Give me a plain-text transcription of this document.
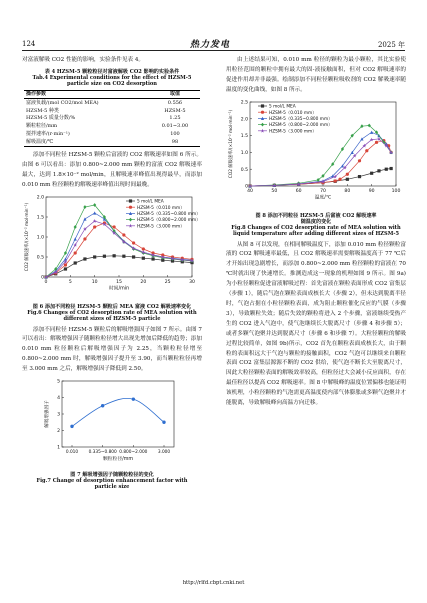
124	热力发电	2025 年

对富液解吸 CO2 性能的影响，实验条件见表 4。

表 4 HZSM-5 颗粒粒径对富液解吸 CO2 影响的实验条件
Tab.4 Experimental conditions for the effect of HZSM-5
particle size on CO2 desorption
操作参数	取值
富液负载/(mol CO2/mol MEA)	0.556
HZSM-5 种类	HZSM-5
HZSM-5 质量分数/%	1.25
颗粒粒径/mm	0.01~3.00
搅拌速率/(r·min⁻¹)	100
解吸温度/℃	98

添加不同粒径 HZSM-5 颗粒后富液的 CO2 解吸速率如图 6 所示。由图 6 可以看出：添加 0.800~2.000 mm 颗粒的富液 CO2 解吸速率最大，达到 1.8×10⁻² mol/min，且解吸速率峰值出现得最早，而添加 0.010 mm 粒径颗粒的解吸速率峰值出现时间最晚。

0	5	10	15	20	25	30
0
0.5
1.0
1.5
2.0
时间/min
CO2 解吸速率/(×10⁻² mol·min⁻¹)
5 mol/L MEA
HZSM-5（0.010 mm）
HZSM-5（0.335~0.800 mm）
HZSM-5（0.800~2.000 mm）
HZSM-5（3.000 mm）
图 6 添加不同粒径 HZSM-5 颗粒后 MEA 富液 CO2 解吸速率变化
Fig.6 Changes of CO2 desorption rate of MEA solution with
different sizes of HZSM-5 particle

添加不同粒径 HZSM-5 颗粒后的解吸增强因子如图 7 所示。由图 7 可以看出：解吸增强因子随颗粒粒径增大出现先增加后降低的趋势；添加 0.010 mm 粒径颗粒后解吸增强因子为 2.25，当颗粒粒径增至 0.800~2.000 mm 时，解吸增强因子提升至 3.90，而当颗粒粒径再增至 3.000 mm 之后，解吸增强因子降低到 2.50。

1
2
3
4
5
0.010 0.335~0.800 0.800~2.000 3.000
颗粒粒径/mm
解吸增强因子
图 7 解吸增强因子随颗粒粒径的变化
Fig.7 Change of desorption enhancement factor with
particle size

由上述结果可知，0.010 mm 粒径的颗粒为最小颗粒，其比实验使用粒径范围的颗粒中拥有最大的固-液接触面积，但对 CO2 解吸速率的促进作用却并非最强。绘制添加不同粒径颗粒吸收剂的 CO2 解吸速率随温度的变化曲线，如图 8 所示。

40	50	60	70	80	90	100
0
0.5
1.0
1.5
2.0
2.5
温度/℃
CO2 解吸速率/(×10⁻² mol·min⁻¹)
5 mol/L MEA
HZSM-5（0.010 mm）
HZSM-5（0.335~0.800 mm）
HZSM-5（0.800~2.000 mm）
HZSM-5（3.000 mm）
图 8 添加不同粒径 HZSM-5 后富液 CO2 解吸速率
随温度的变化
Fig.8 Changes of CO2 desorption rate of MEA solution with
liquid temperature after adding different sizes of HZSM-5

从图 8 可以发现，在相同解吸温度下，添加 0.010 mm 粒径颗粒富液的 CO2 解吸速率最低，且 CO2 解吸速率需要解吸温度高于 77 ℃后才开始出现急剧增长，而添加 0.800~2.000 mm 粒径颗粒的富液在 70 ℃时就出现了快速增长。推测造成这一现象的机理如图 9 所示。图 9a)为小粒径颗粒促进富液解吸过程：首先富液在颗粒表面形成 CO2 富集层（步骤 1），随后气泡在颗粒表面成核长大（步骤 2），但未达到脱离半径时，气泡占据在小粒径颗粒表面，成为阻止颗粒催化反应的气膜（步骤 3），导致颗粒失效；随后失效的颗粒将进入 2 个步骤，富液继续受热产生的 CO2 进入气泡中，使气泡继续长大脱离尺寸（步骤 4 和步骤 5）；或者多颗气泡聚并达到脱离尺寸（步骤 6 和步骤 7）。大粒径颗粒的解吸过程比较简单，如图 9b)所示，CO2 首先在颗粒表面成核长大，由于颗粒的表面积远大于气泡与颗粒的接触面积，CO2 气泡可以继续来自颗粒表面 CO2 富集层源源不断的 CO2 供给，使气泡不断长大至脱离尺寸，因此大粒径颗粒表面的解吸效率较高，但粒径过大会减小反应面积，存在最佳粒径以提高 CO2 解吸速率。图 8 中解吸峰的温度位置偏移也能证明该机理，小粒径颗粒的气泡需更高温度使内部气体膨胀或多颗气泡聚并才能脱离，导致解吸峰向高温方向迁移。

http://rlfd.cbpt.cnki.net
